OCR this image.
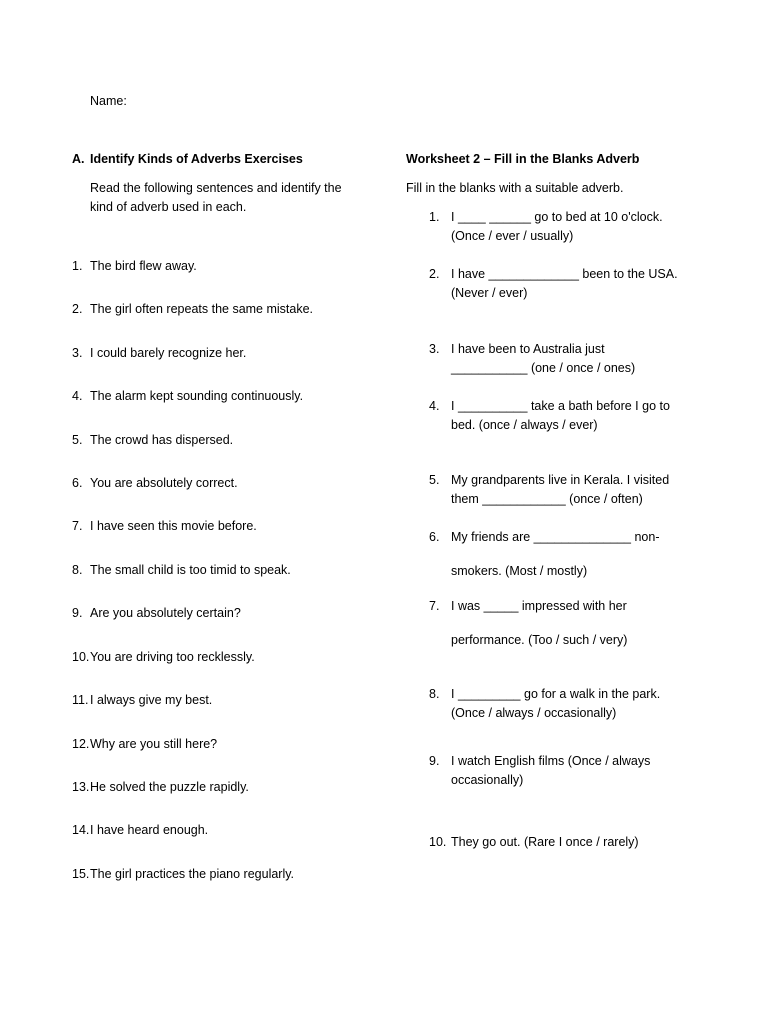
Name:
A. Identify Kinds of Adverbs Exercises
Read the following sentences and identify the kind of adverb used in each.
1. The bird flew away.
2. The girl often repeats the same mistake.
3. I could barely recognize her.
4. The alarm kept sounding continuously.
5. The crowd has dispersed.
6. You are absolutely correct.
7. I have seen this movie before.
8. The small child is too timid to speak.
9. Are you absolutely certain?
10. You are driving too recklessly.
11. I always give my best.
12. Why are you still here?
13. He solved the puzzle rapidly.
14. I have heard enough.
15. The girl practices the piano regularly.
Worksheet 2 – Fill in the Blanks Adverb
Fill in the blanks with a suitable adverb.
1. I ____ ______ go to bed at 10 o'clock.
(Once / ever / usually)
2. I have _____________ been to the USA.
(Never / ever)
3. I have been to Australia just
___________ (one / once / ones)
4. I __________ take a bath before I go to
bed. (once / always / ever)
5. My grandparents live in Kerala. I visited
them ____________ (once / often)
6. My friends are ______________ non-
smokers. (Most / mostly)
7. I was _____ impressed with her
performance. (Too / such / very)
8. I _________ go for a walk in the park.
(Once / always / occasionally)
9. I watch English films (Once / always
occasionally)
10. They go out. (Rare I once / rarely)
